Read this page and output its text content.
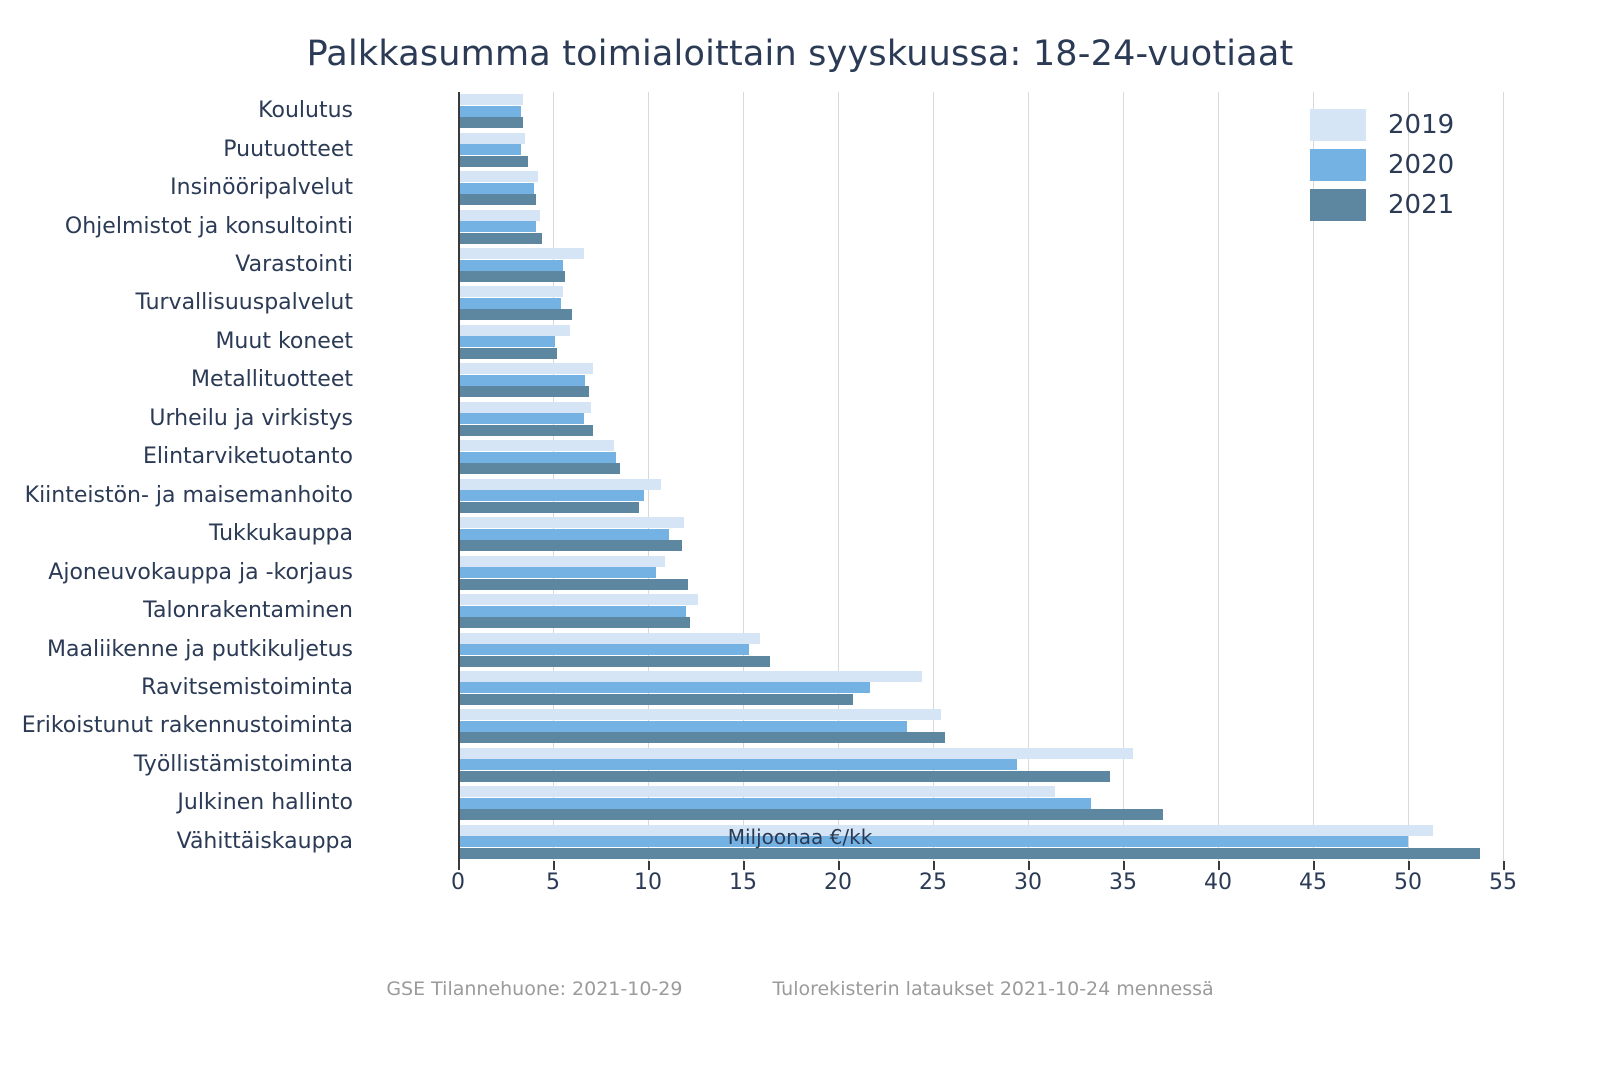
Palkkasumma toimialoittain syyskuussa: 18-24-vuotiaat
0	5	10	15	20	25	30	35	40	45	50	55
Koulutus
Puutuotteet
Insinööripalvelut
Ohjelmistot ja konsultointi
Varastointi
Turvallisuuspalvelut
Muut koneet
Metallituotteet
Urheilu ja virkistys
Elintarviketuotanto
Kiinteistön- ja maisemanhoito
Tukkukauppa
Ajoneuvokauppa ja -korjaus
Talonrakentaminen
Maaliikenne ja putkikuljetus
Ravitsemistoiminta
Erikoistunut rakennustoiminta
Työllistämistoiminta
Julkinen hallinto
Vähittäiskauppa
2019
2020
2021
Miljoonaa €/kk
GSE Tilannehuone: 2021-10-29	Tulorekisterin lataukset 2021-10-24 mennessä
